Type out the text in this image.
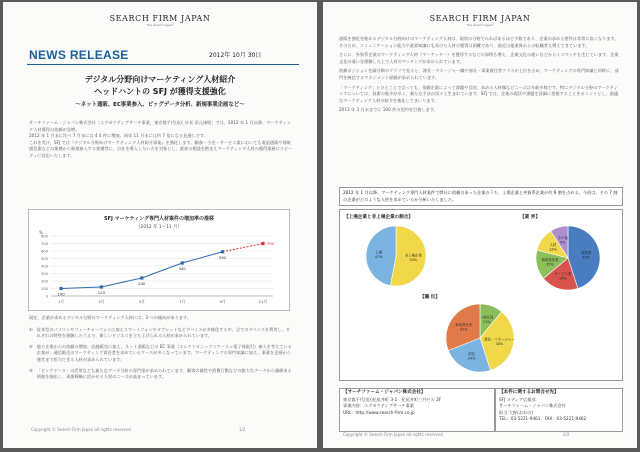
SEARCH FIRM JAPAN
The Search Agent
NEWS RELEASE	2012年 10月 30日
デジタル分野向けマーケティング人材紹介
ヘッドハントの SFJ が獲得支援強化
～ネット通販、EC事業参入、ビッグデータ分析、新規事業企画など～
サーチファーム・ジャパン株式会社［エグゼクティブサーチ事業、東京都千代田区 社長 武元康明］では、2012 年 1 月以降、マーケティング人材獲得の依頼が急増。
2012 年 1 月末に比べ 7 月末には 4 4 件に増加。同年 11 月末には約 7 倍になる見通しです。
これを受け、SFJ では『デジタル分野向けマーケティング人材紹介事業』を強化します。顧客・小売・サービス業においても電話通販や情報通信業などの業種から新規参入する業種等に、自社を導入したい方を対象とし、業界の相談を踏まえマーケティング人材の獲得業務にスピーディに対応いたします。
SFJ マーケティング専門人材案件の増加率の推移
（2012 年 1～11 月）
%
0
100
200
300
400
500
600
700
800
1月	3月	5月	7月	9月	11月
100	120
240
440
590
700
現在、企業が求めるデジタル分野のマーケティング人材には、3 つの傾向があります。
① 従来型のパソコンやフィーチャーフォンに加えスマートフォンやタブレットなどデバイスが多様化する中、全てのデバイスを利用し、それぞれの特性を理解したうえで、新しいビジネスを立ち上げられる人材が求められています。
② 他方企業からの依頼の増加、店舗販売に加え、ネット通販などの EC 事業（エレクトロニックコマース＝電子商取引）参入を考えている企業が、通信販売のマーケティング責任者を求めているケースが多くなっています。マーケティングの専門知識に加え、事業を企画から運営まで担当できる人材が求められています。
③ 「ビッグデータ」の活用なども新たなデータ分析の専門家が求められています。顧客の属性や消費行動などの膨大なデータから価値ある情報を抽出し、事業戦略に活かせる人材のニーズが高まっています。
Copyright © Search Firm Japan all rights reserved.	1/2
SEARCH FIRM JAPAN
The Search Agent
通販を強化を進めるデジタル分野向けのマーケティング人材は、現状の分野でみればあるほど少数であり、企業の求める要件は非常に高くなります。そのため、コミュニケーション能力や業界知識にも長けた人材の獲得は困難であり、最近は他業界からの転職者も増えてきています。
さらに、外資系企業のマーケティング人材（マーケッター）を獲得するなどの事例も増え、企業文化の違いなどからミスマッチも生じています。企業文化の違いを理解した上で人材のマッチングが求められています。
依頼ポジションを細分類のグラフで見ると、課長・マネージャー職や部長・事業責任者クラスが上位を占め、マーケティングの専門知識と同時に、部門を統括するマネジメント経験が求められています。
「マーケティング」とひとことで言っても、依頼企業によって課題や目的、求める人材像などニーズは多岐多様です。特にデジタル分野のマーケティングについては、技術の進歩が早く、新たな手法が次々と生まれています。SFJ では、企業の現状や課題を詳細に把握することをポイントとし、最適なマーケティング人材の紹介を強化してまいります。
2013 年 3 月末までに 100 件の契約を目指します。
2012 年 1 月以降、マーケティング専門人材案件で弊社に依頼のあった企業のうち、上場企業と外資系企業が約 6 割を占める。今回は、その 7 割の企業がどのような人材を求めているか分析いたしました。
【上場企業と非上場企業の割合】	【業 界】
【職 位】
非上場企業
53%
上場
47%
製造業
45%
サービス業
19%
情報通信業
15%
人材
12%
その他
9%
一般社員
11%
課長・マネージャー
34%
部長
24%
事業責任者
31%
【サーチファーム・ジャパン株式会社】
東京都千代田区紀尾井町 3-1　紀尾井町三井ビル 2F
事業内容：エグゼクティブサーチ事業
URL：http://www.search-firm.co.jp
【本件に関するお問合せ先】
SFJ メディア広報部
サーチファーム・ジャパン株式会社
担当 大野(おおの)
TEL：03-5221-9461　FAX：03-5221-9462
Copyright © Search Firm Japan all rights reserved.	2/2
